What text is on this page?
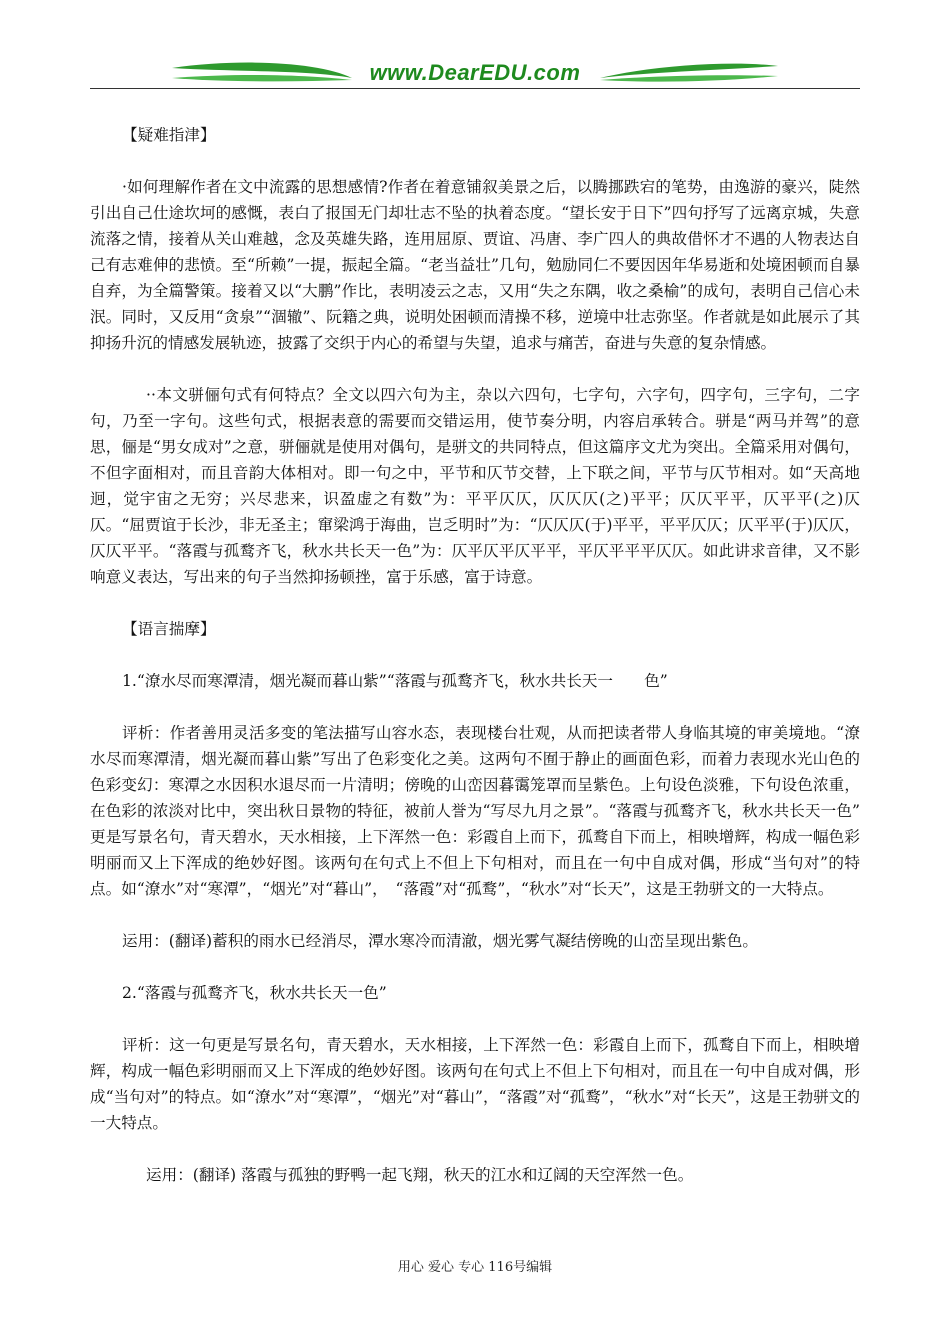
www.DearEDU.com

【疑难指津】

·如何理解作者在文中流露的思想感情?作者在着意铺叙美景之后，以腾挪跌宕的笔势，由逸游的豪兴，陡然引出自己仕途坎坷的感慨，表白了报国无门却壮志不坠的执着态度。“望长安于日下”四句抒写了远离京城，失意流落之情，接着从关山难越，念及英雄失路，连用屈原、贾谊、冯唐、李广四人的典故借怀才不遇的人物表达自己有志难伸的悲愤。至“所赖”一提，振起全篇。“老当益壮”几句，勉励同仁不要因因年华易逝和处境困顿而自暴自弃，为全篇警策。接着又以“大鹏”作比，表明凌云之志，又用“失之东隅，收之桑榆”的成句，表明自己信心未泯。同时，又反用“贪泉”“涸辙”、阮籍之典，说明处困顿而清操不移，逆境中壮志弥坚。作者就是如此展示了其抑扬升沉的情感发展轨迹，披露了交织于内心的希望与失望，追求与痛苦，奋进与失意的复杂情感。

··本文骈俪句式有何特点？全文以四六句为主，杂以六四句，七字句，六字句，四字句，三字句，二字句，乃至一字句。这些句式，根据表意的需要而交错运用，使节奏分明，内容启承转合。骈是“两马并驾”的意思，俪是“男女成对”之意，骈俪就是使用对偶句，是骈文的共同特点，但这篇序文尤为突出。全篇采用对偶句，不但字面相对，而且音韵大体相对。即一句之中，平节和仄节交替，上下联之间，平节与仄节相对。如“天高地迥，觉宇宙之无穷；兴尽悲来，识盈虚之有数”为：平平仄仄，仄仄仄(之)平平；仄仄平平，仄平平(之)仄仄。“屈贾谊于长沙，非无圣主；窜梁鸿于海曲，岂乏明时”为：“仄仄仄(于)平平，平平仄仄；仄平平(于)仄仄，仄仄平平。“落霞与孤鹜齐飞，秋水共长天一色”为：仄平仄平仄平平，平仄平平平仄仄。如此讲求音律，又不影响意义表达，写出来的句子当然抑扬顿挫，富于乐感，富于诗意。

【语言揣摩】

1.“潦水尽而寒潭清，烟光凝而暮山紫”“落霞与孤鹜齐飞，秋水共长天一　　色”

评析：作者善用灵活多变的笔法描写山容水态，表现楼台壮观，从而把读者带人身临其境的审美境地。“潦水尽而寒潭清，烟光凝而暮山紫”写出了色彩变化之美。这两句不囿于静止的画面色彩，而着力表现水光山色的色彩变幻：寒潭之水因积水退尽而一片清明；傍晚的山峦因暮霭笼罩而呈紫色。上句设色淡雅，下句设色浓重，在色彩的浓淡对比中，突出秋日景物的特征，被前人誉为“写尽九月之景”。“落霞与孤鹜齐飞，秋水共长天一色” 更是写景名句，青天碧水，天水相接，上下浑然一色：彩霞自上而下，孤鹜自下而上，相映增辉，构成一幅色彩明丽而又上下浑成的绝妙好图。该两句在句式上不但上下句相对，而且在一句中自成对偶，形成“当句对”的特点。如“潦水”对“寒潭”，“烟光”对“暮山”，　“落霞”对“孤鹜”，“秋水”对“长天”，这是王勃骈文的一大特点。

运用：(翻译)蓄积的雨水已经消尽，潭水寒冷而清澈，烟光雾气凝结傍晚的山峦呈现出紫色。

2.“落霞与孤鹜齐飞，秋水共长天一色”

评析：这一句更是写景名句，青天碧水，天水相接，上下浑然一色：彩霞自上而下，孤鹜自下而上，相映增辉，构成一幅色彩明丽而又上下浑成的绝妙好图。该两句在句式上不但上下句相对，而且在一句中自成对偶，形成“当句对”的特点。如“潦水”对“寒潭”，“烟光”对“暮山”，“落霞”对“孤鹜”，“秋水”对“长天”，这是王勃骈文的一大特点。

运用：(翻译) 落霞与孤独的野鸭一起飞翔，秋天的江水和辽阔的天空浑然一色。

用心 爱心 专心 116号编辑
